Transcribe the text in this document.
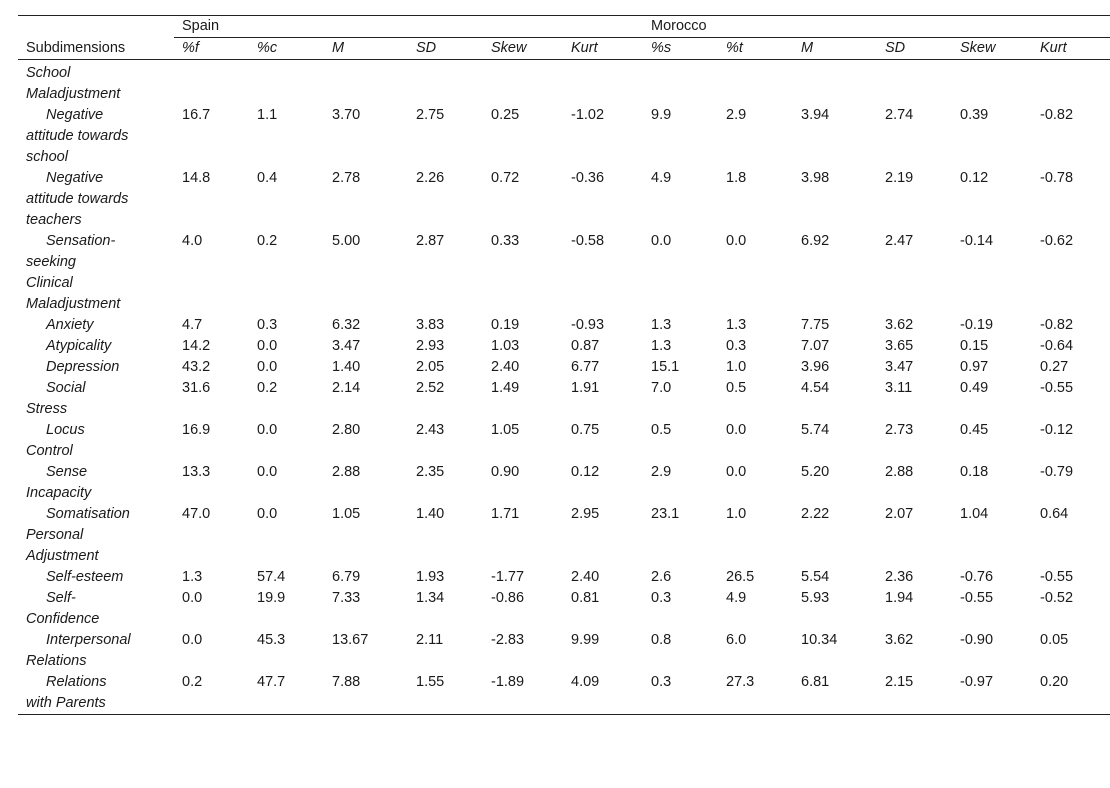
	Spain						Morocco					
Subdimensions	%f	%c	M	SD	Skew	Kurt	%s	%t	M	SD	Skew	Kurt

School
Maladjustment												

Negative
attitude towards
school	16.7	1.1	3.70	2.75	0.25	-1.02	9.9	2.9	3.94	2.74	0.39	-0.82

Negative
attitude towards
teachers	14.8	0.4	2.78	2.26	0.72	-0.36	4.9	1.8	3.98	2.19	0.12	-0.78

Sensation-
seeking	4.0	0.2	5.00	2.87	0.33	-0.58	0.0	0.0	6.92	2.47	-0.14	-0.62

Clinical
Maladjustment												

Anxiety	4.7	0.3	6.32	3.83	0.19	-0.93	1.3	1.3	7.75	3.62	-0.19	-0.82

Atypicality	14.2	0.0	3.47	2.93	1.03	0.87	1.3	0.3	7.07	3.65	0.15	-0.64

Depression	43.2	0.0	1.40	2.05	2.40	6.77	15.1	1.0	3.96	3.47	0.97	0.27

Social
Stress	31.6	0.2	2.14	2.52	1.49	1.91	7.0	0.5	4.54	3.11	0.49	-0.55

Locus
Control	16.9	0.0	2.80	2.43	1.05	0.75	0.5	0.0	5.74	2.73	0.45	-0.12

Sense
Incapacity	13.3	0.0	2.88	2.35	0.90	0.12	2.9	0.0	5.20	2.88	0.18	-0.79

Somatisation	47.0	0.0	1.05	1.40	1.71	2.95	23.1	1.0	2.22	2.07	1.04	0.64

Personal
Adjustment												

Self-esteem	1.3	57.4	6.79	1.93	-1.77	2.40	2.6	26.5	5.54	2.36	-0.76	-0.55

Self-
Confidence	0.0	19.9	7.33	1.34	-0.86	0.81	0.3	4.9	5.93	1.94	-0.55	-0.52

Interpersonal
Relations	0.0	45.3	13.67	2.11	-2.83	9.99	0.8	6.0	10.34	3.62	-0.90	0.05

Relations
with Parents	0.2	47.7	7.88	1.55	-1.89	4.09	0.3	27.3	6.81	2.15	-0.97	0.20
